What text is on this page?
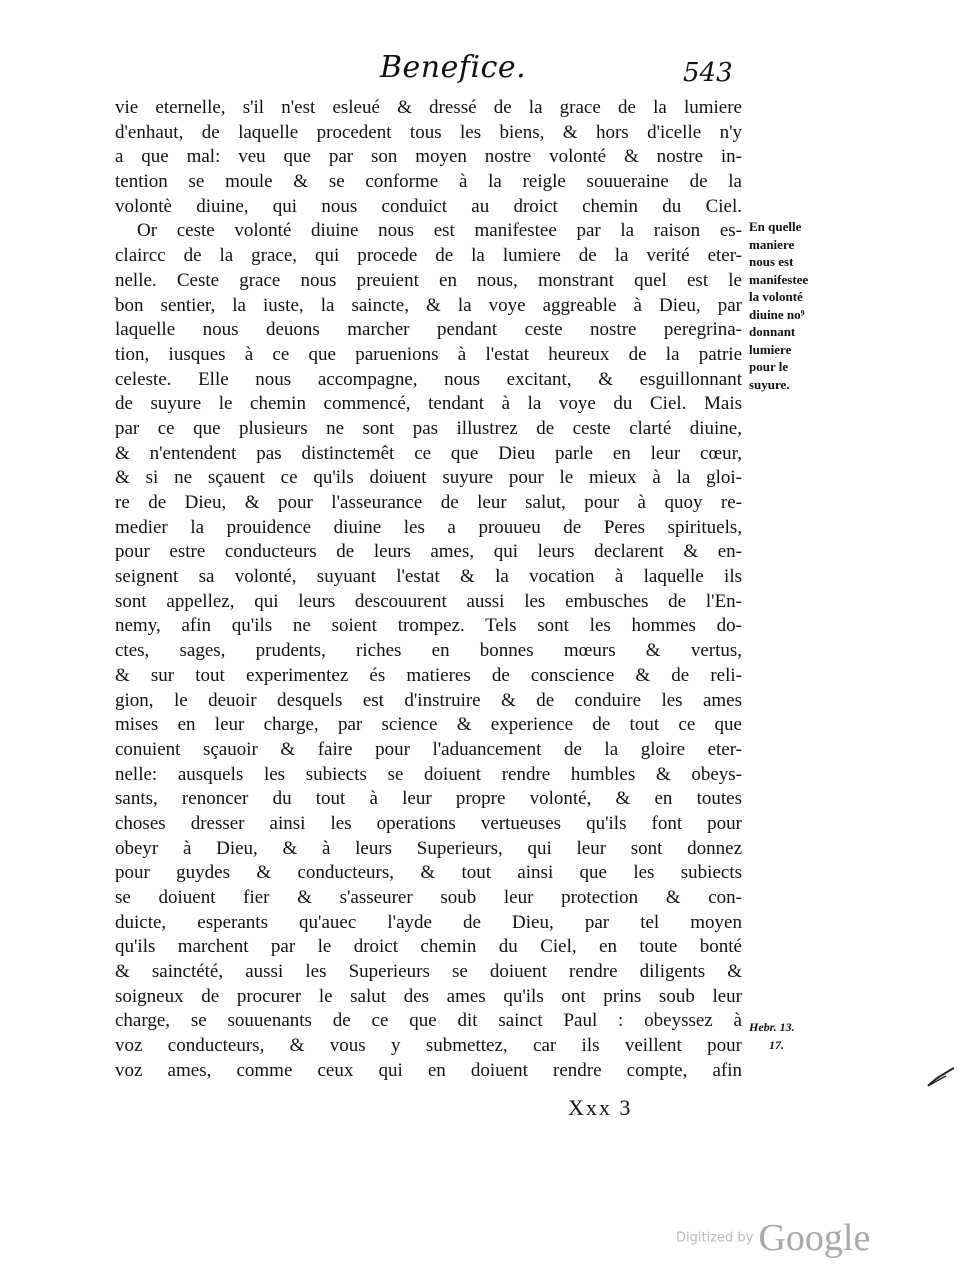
Benefice.	543
vie eternelle, s'il n'est esleué & dressé de la grace de la lumiere
d'enhaut, de laquelle procedent tous les biens, & hors d'icelle n'y
a que mal: veu que par son moyen nostre volonté & nostre in-
tention se moule & se conforme à la reigle souueraine de la
volontè diuine, qui nous conduict au droict chemin du Ciel.
Or ceste volonté diuine nous est manifestee par la raison es-
claircc de la grace, qui procede de la lumiere de la verité eter-
nelle. Ceste grace nous preuient en nous, monstrant quel est le
bon sentier, la iuste, la saincte, & la voye aggreable à Dieu, par
laquelle nous deuons marcher pendant ceste nostre peregrina-
tion, iusques à ce que paruenions à l'estat heureux de la patrie
celeste. Elle nous accompagne, nous excitant, & esguillonnant
de suyure le chemin commencé, tendant à la voye du Ciel. Mais
par ce que plusieurs ne sont pas illustrez de ceste clarté diuine,
& n'entendent pas distinctemêt ce que Dieu parle en leur cœur,
& si ne sçauent ce qu'ils doiuent suyure pour le mieux à la gloi-
re de Dieu, & pour l'asseurance de leur salut, pour à quoy re-
medier la prouidence diuine les a prouueu de Peres spirituels,
pour estre conducteurs de leurs ames, qui leurs declarent & en-
seignent sa volonté, suyuant l'estat & la vocation à laquelle ils
sont appellez, qui leurs descouurent aussi les embusches de l'En-
nemy, afin qu'ils ne soient trompez. Tels sont les hommes do-
ctes, sages, prudents, riches en bonnes mœurs & vertus,
& sur tout experimentez és matieres de conscience & de reli-
gion, le deuoir desquels est d'instruire & de conduire les ames
mises en leur charge, par science & experience de tout ce que
conuient sçauoir & faire pour l'aduancement de la gloire eter-
nelle: ausquels les subiects se doiuent rendre humbles & obeys-
sants, renoncer du tout à leur propre volonté, & en toutes
choses dresser ainsi les operations vertueuses qu'ils font pour
obeyr à Dieu, & à leurs Superieurs, qui leur sont donnez
pour guydes & conducteurs, & tout ainsi que les subiects
se doiuent fier & s'asseurer soub leur protection & con-
duicte, esperants qu'auec l'ayde de Dieu, par tel moyen
qu'ils marchent par le droict chemin du Ciel, en toute bonté
& sainctété, aussi les Superieurs se doiuent rendre diligents &
soigneux de procurer le salut des ames qu'ils ont prins soub leur
charge, se souuenants de ce que dit sainct Paul : obeyssez à
voz conducteurs, & vous y submettez, car ils veillent pour
voz ames, comme ceux qui en doiuent rendre compte, afin
En quelle
maniere
nous est
manifestee
la volonté
diuine no⁹
donnant
lumiere
pour le
suyure.
Hebr. 13.
17.
Xxx 3
Digitized by Google
